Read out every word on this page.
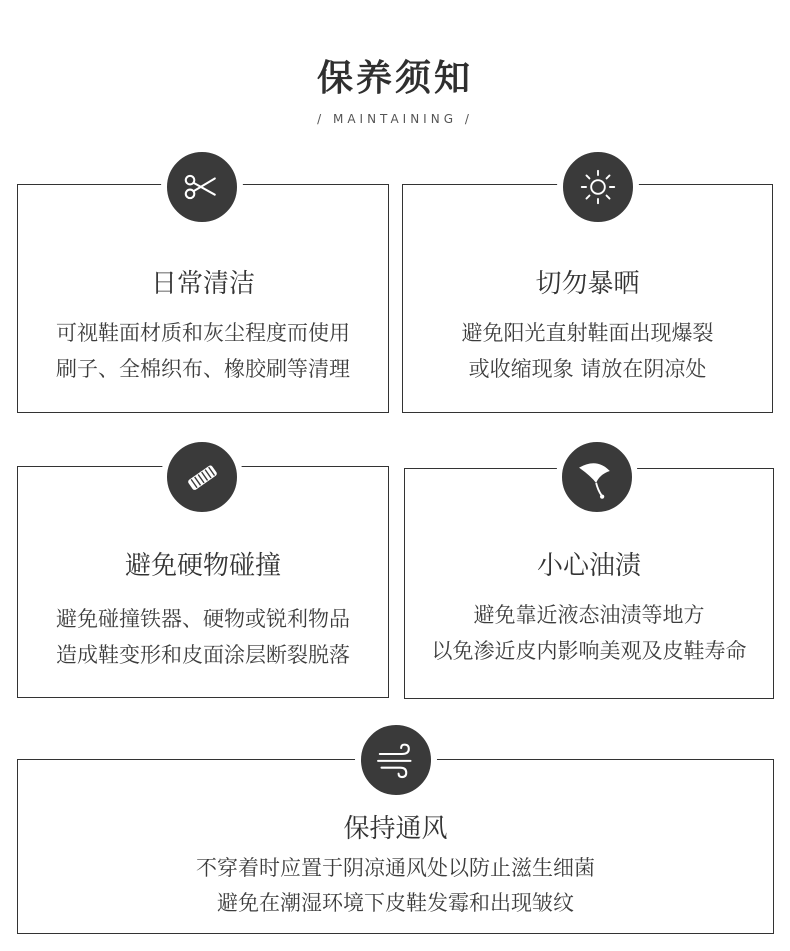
保养须知
/ MAINTAINING /
日常清洁
可视鞋面材质和灰尘程度而使用
刷子、全棉织布、橡胶刷等清理
切勿暴晒
避免阳光直射鞋面出现爆裂
或收缩现象 请放在阴凉处
避免硬物碰撞
避免碰撞铁器、硬物或锐利物品
造成鞋变形和皮面涂层断裂脱落
小心油渍
避免靠近液态油渍等地方
以免渗近皮内影响美观及皮鞋寿命
保持通风
不穿着时应置于阴凉通风处以防止滋生细菌
避免在潮湿环境下皮鞋发霉和出现皱纹
